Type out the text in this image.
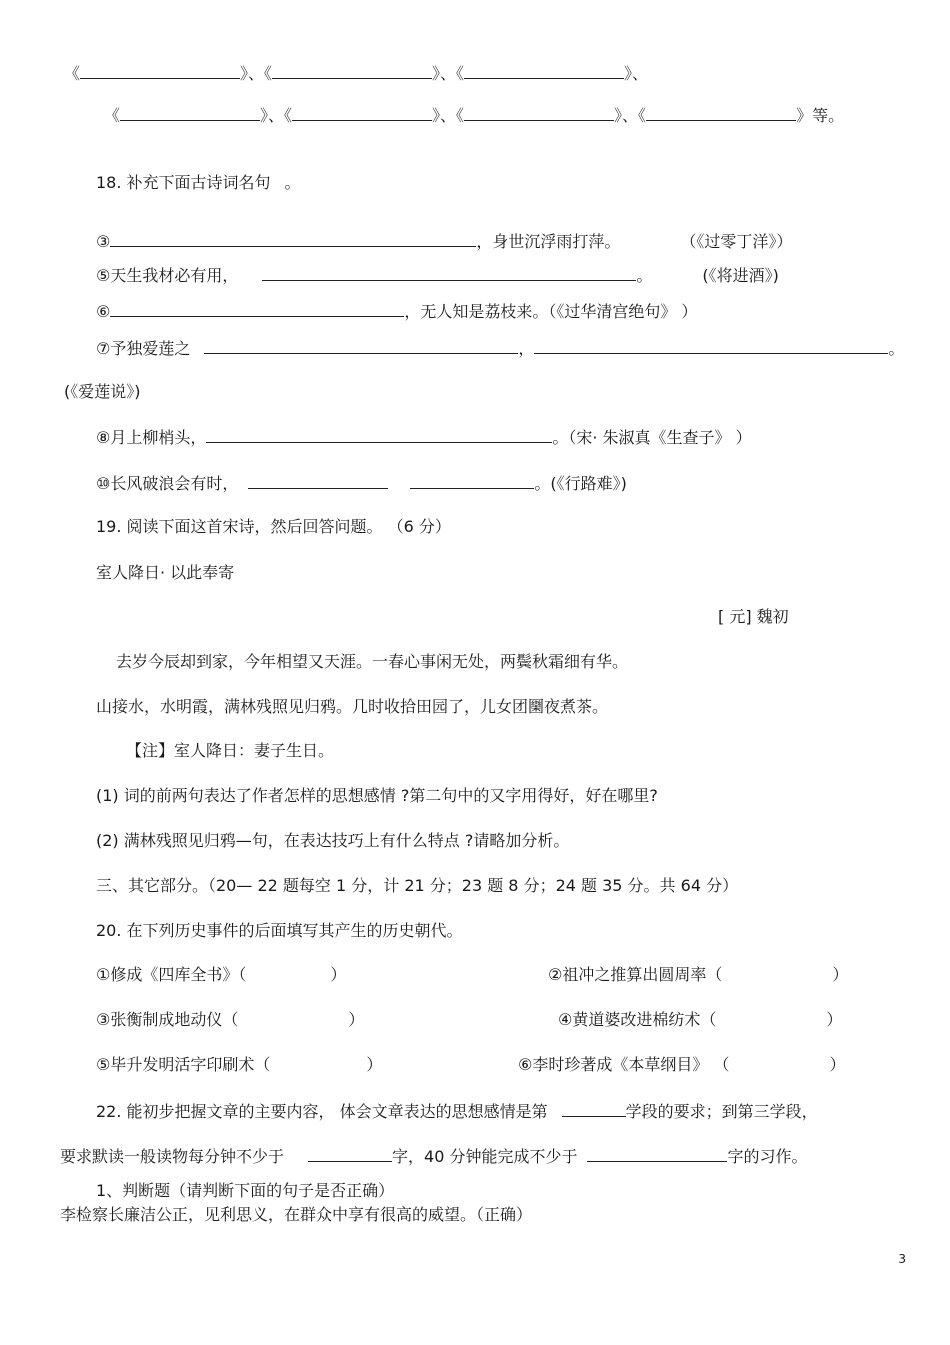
《	》、《	》、《	》、
《	》、《	》、《	》、《	》等。
18. 补充下面古诗词名句 。
③	，身世沉浮雨打萍。	（《过零丁洋》）
⑤天生我材必有用，	。	(《将进酒》)
⑥	，无人知是荔枝来。（《过华清宫绝句》 ）
⑦予独爱莲之	，	。
(《爱莲说》)
⑧月上柳梢头，	。（宋· 朱淑真《生查子》 ）
⑩长风破浪会有时，	。(《行路难》)
19. 阅读下面这首宋诗，然后回答问题。 （6 分）
室人降日· 以此奉寄
[ 元] 魏初
去岁今辰却到家，今年相望又天涯。一春心事闲无处，两鬓秋霜细有华。
山接水，水明霞，满林残照见归鸦。几时收拾田园了，儿女团圞夜煮茶。
【注】室人降日：妻子生日。
(1) 词的前两句表达了作者怎样的思想感情 ?第二句中的又字用得好，好在哪里?
(2) 满林残照见归鸦—句，在表达技巧上有什么特点 ?请略加分析。
三、其它部分。（20— 22 题每空 1 分，计 21 分；23 题 8 分；24 题 35 分。共 64 分）
20. 在下列历史事件的后面填写其产生的历史朝代。
①修成《四库全书》（	）	②祖冲之推算出圆周率（	）
③张衡制成地动仪（	）	④黄道婆改进棉纺术（	）
⑤毕升发明活字印刷术（	）	⑥李时珍著成《本草纲目》 （	）
22. 能初步把握文章的主要内容， 体会文章表达的思想感情是第	学段的要求；到第三学段，
要求默读一般读物每分钟不少于	字，40 分钟能完成不少于	字的习作。
1、判断题（请判断下面的句子是否正确）
李检察长廉洁公正，见利思义，在群众中享有很高的威望。（正确）
3
